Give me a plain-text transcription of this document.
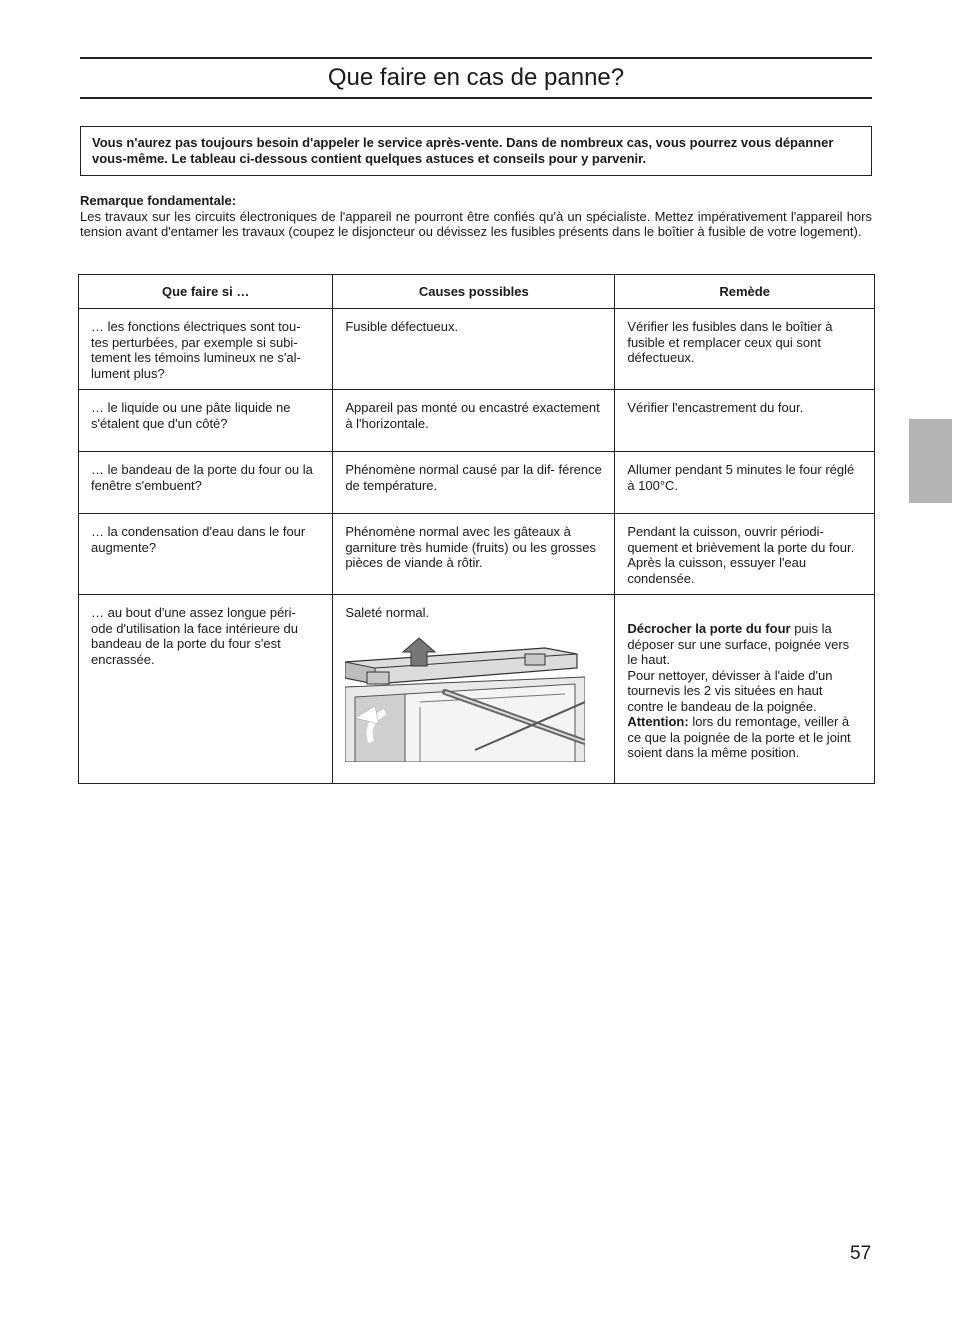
Que faire en cas de panne?
Vous n'aurez pas toujours besoin d'appeler le service après-vente. Dans de nombreux cas, vous pourrez vous dépanner vous-même. Le tableau ci-dessous contient quelques astuces et conseils pour y parvenir.
Remarque fondamentale:
Les travaux sur les circuits électroniques de l'appareil ne pourront être confiés qu'à un spécialiste. Mettez impérativement l'appareil hors tension avant d'entamer les travaux (coupez le disjoncteur ou dévissez les fusibles présents dans le boîtier à fusible de votre logement).
Que faire si …	Causes possibles	Remède
… les fonctions électriques sont tou- tes perturbées, par exemple si subi- tement les témoins lumineux ne s'al- lument plus?	Fusible défectueux.	Vérifier les fusibles dans le boîtier à fusible et remplacer ceux qui sont défectueux.
… le liquide ou une pâte liquide ne s'étalent que d'un côté?	Appareil pas monté ou encastré exactement à l'horizontale.	Vérifier l'encastrement du four.
… le bandeau de la porte du four ou la fenêtre s'embuent?	Phénomène normal causé par la dif- férence de température.	Allumer pendant 5 minutes le four réglé à 100°C.
… la condensation d'eau dans le four augmente?	Phénomène normal avec les gâteaux à garniture très humide (fruits) ou les grosses pièces de viande à rôtir.	Pendant la cuisson, ouvrir périodi- quement et brièvement la porte du four. Après la cuisson, essuyer l'eau condensée.
… au bout d'une assez longue péri- ode d'utilisation la face intérieure du bandeau de la porte du four s'est encrassée.	Saleté normal.	Décrocher la porte du four puis la déposer sur une surface, poignée vers le haut.
Pour nettoyer, dévisser à l'aide d'un tournevis les 2 vis situées en haut contre le bandeau de la poignée.
Attention: lors du remontage, veiller à ce que la poignée de la porte et le joint soient dans la même position.
57
